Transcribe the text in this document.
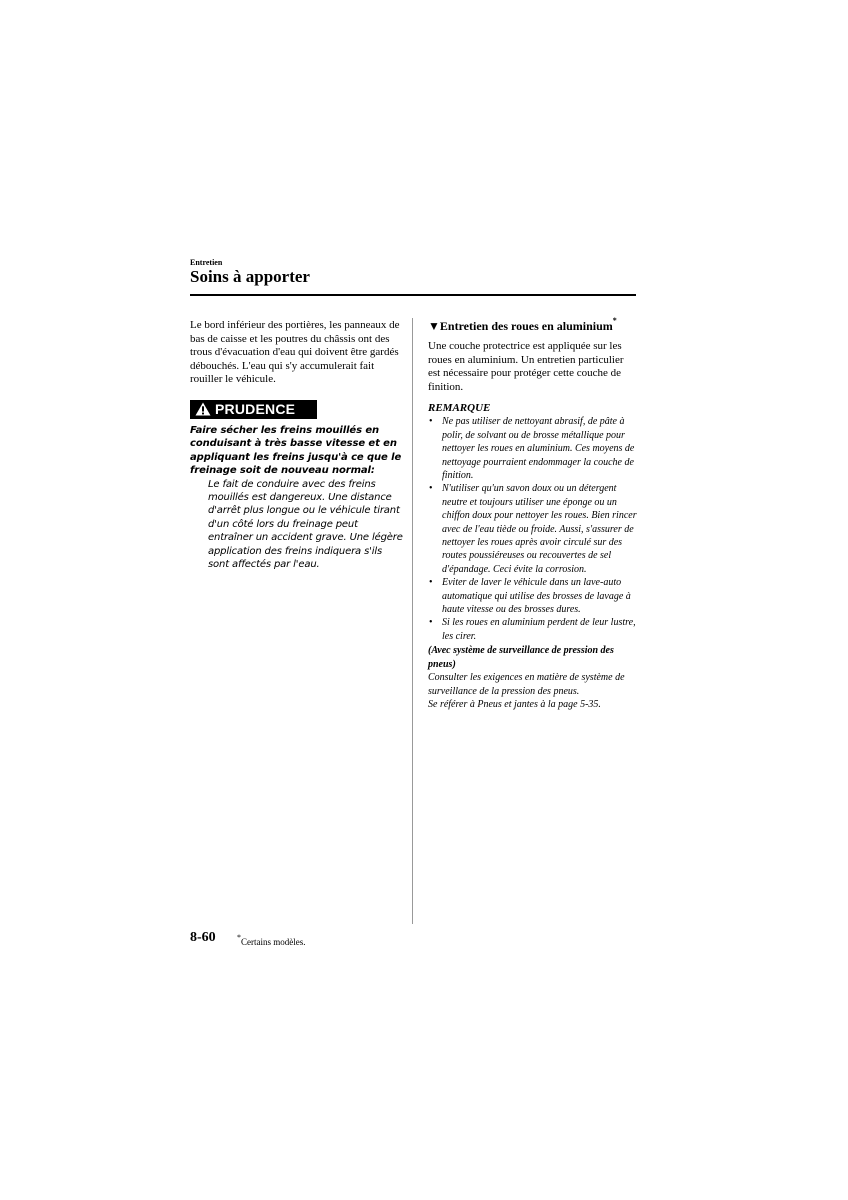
Entretien
Soins à apporter

Le bord inférieur des portières, les panneaux de bas de caisse et les poutres du châssis ont des trous d'évacuation d'eau qui doivent être gardés débouchés. L'eau qui s'y accumulerait fait rouiller le véhicule.

PRUDENCE
Faire sécher les freins mouillés en conduisant à très basse vitesse et en appliquant les freins jusqu'à ce que le freinage soit de nouveau normal:
Le fait de conduire avec des freins mouillés est dangereux. Une distance d'arrêt plus longue ou le véhicule tirant d'un côté lors du freinage peut entraîner un accident grave. Une légère application des freins indiquera s'ils sont affectés par l'eau.
▼Entretien des roues en aluminium*

Une couche protectrice est appliquée sur les roues en aluminium. Un entretien particulier est nécessaire pour protéger cette couche de finition.

REMARQUE
• Ne pas utiliser de nettoyant abrasif, de pâte à polir, de solvant ou de brosse métallique pour nettoyer les roues en aluminium. Ces moyens de nettoyage pourraient endommager la couche de finition.
• N'utiliser qu'un savon doux ou un détergent neutre et toujours utiliser une éponge ou un chiffon doux pour nettoyer les roues. Bien rincer avec de l'eau tiède ou froide. Aussi, s'assurer de nettoyer les roues après avoir circulé sur des routes poussiéreuses ou recouvertes de sel d'épandage. Ceci évite la corrosion.
• Eviter de laver le véhicule dans un lave-auto automatique qui utilise des brosses de lavage à haute vitesse ou des brosses dures.
• Si les roues en aluminium perdent de leur lustre, les cirer.
(Avec système de surveillance de pression des pneus)

Consulter les exigences en matière de système de surveillance de la pression des pneus.

Se référer à Pneus et jantes à la page 5-35.

8-60	*Certains modèles.
